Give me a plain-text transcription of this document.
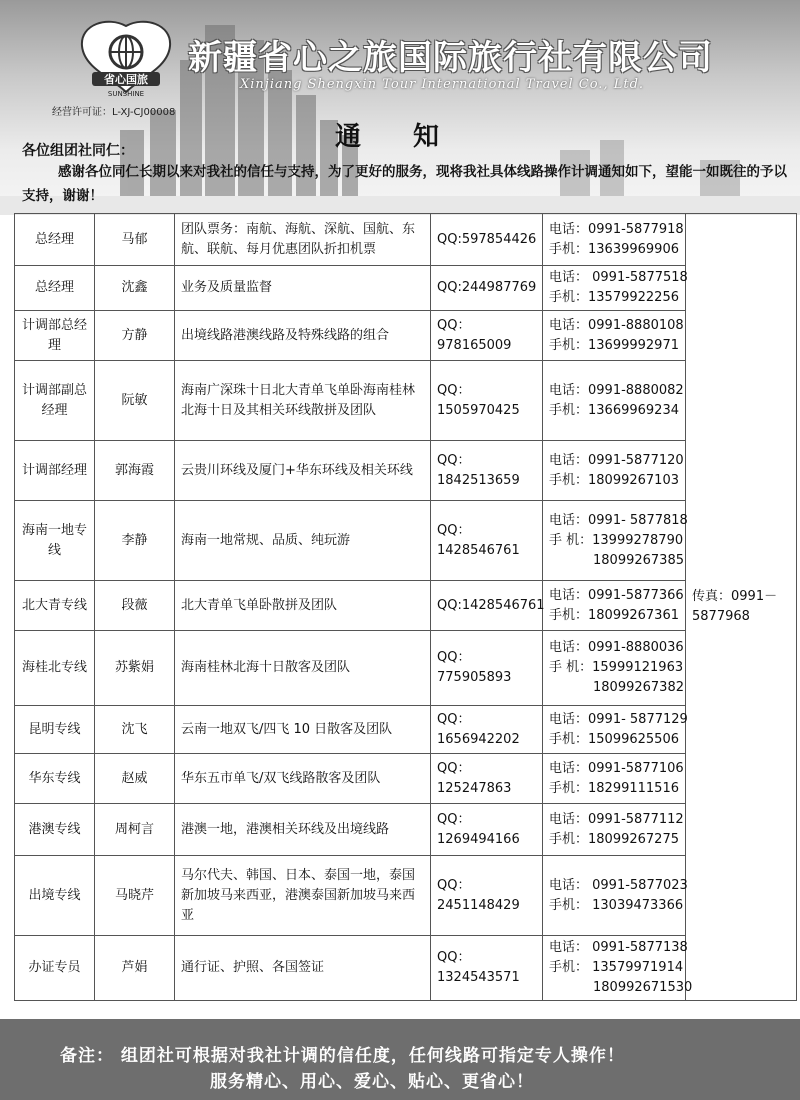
省心国旅
SUNSHINE
新疆省心之旅国际旅行社有限公司
Xinjiang Shengxin Tour International Travel Co., Ltd.
经营许可证：L-XJ-CJ00008
通知
各位组团社同仁：
感谢各位同仁长期以来对我社的信任与支持，为了更好的服务，现将我社具体线路操作计调通知如下，望能一如既往的予以支持，谢谢！
总经理	马郁	团队票务：南航、海航、深航、国航、东航、联航、每月优惠团队折扣机票	QQ:597854426	电话：0991-5877918
手机：13639969906	传真：0991－5877968
总经理	沈鑫	业务及质量监督	QQ:244987769	电话： 0991-5877518
手机：13579922256	

计调部总经理	方静	出境线路港澳线路及特殊线路的组合	QQ： 978165009	电话：0991-8880108
手机：13699992971	

计调部副总经理	阮敏	海南广深珠十日北大青单飞单卧海南桂林北海十日及其相关环线散拼及团队	QQ：1505970425	电话：0991-8880082
手机：13669969234	

计调部经理	郭海霞	云贵川环线及厦门+华东环线及相关环线	QQ：1842513659	电话：0991-5877120
手机：18099267103	

海南一地专线	李静	海南一地常规、品质、纯玩游	QQ：1428546761	电话：0991- 5877818
手 机：13999278790
18099267385	

北大青专线	段薇	北大青单飞单卧散拼及团队	QQ:1428546761	电话：0991-5877366
手机：18099267361	

海桂北专线	苏紫娟	海南桂林北海十日散客及团队	QQ：775905893	电话：0991-8880036
手 机：15999121963
18099267382	

昆明专线	沈飞	云南一地双飞/四飞 10 日散客及团队	QQ：1656942202	电话：0991- 5877129
手机：15099625506	

华东专线	赵威	华东五市单飞/双飞线路散客及团队	QQ：125247863	电话：0991-5877106
手机：18299111516	

港澳专线	周柯言	港澳一地，港澳相关环线及出境线路	QQ：1269494166	电话：0991-5877112
手机：18099267275	

出境专线	马晓芹	马尔代夫、韩国、日本、泰国一地，泰国新加坡马来西亚，港澳泰国新加坡马来西亚	QQ：2451148429	电话： 0991-5877023
手机： 13039473366	

办证专员	芦娟	通行证、护照、各国签证	QQ： 1324543571	电话： 0991-5877138
手机： 13579971914
180992671530	
备注： 组团社可根据对我社计调的信任度，任何线路可指定专人操作！
服务精心、用心、爱心、贴心、更省心！
